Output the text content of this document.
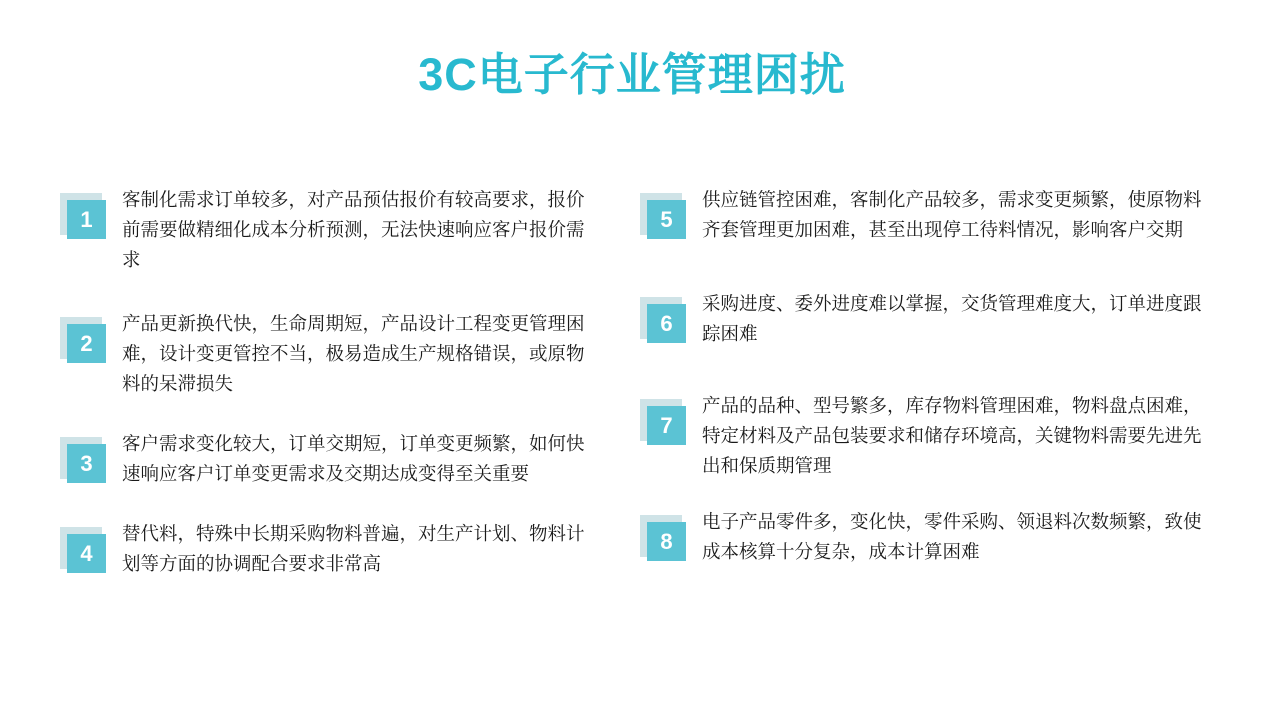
3C电子行业管理困扰
1
客制化需求订单较多，对产品预估报价有较高要求，报价前需要做精细化成本分析预测，无法快速响应客户报价需求
2
产品更新换代快，生命周期短，产品设计工程变更管理困难，设计变更管控不当，极易造成生产规格错误，或原物料的呆滞损失
3
客户需求变化较大，订单交期短，订单变更频繁，如何快速响应客户订单变更需求及交期达成变得至关重要
4
替代料，特殊中长期采购物料普遍，对生产计划、物料计划等方面的协调配合要求非常高
5
供应链管控困难，客制化产品较多，需求变更频繁，使原物料齐套管理更加困难，甚至出现停工待料情况，影响客户交期
6
采购进度、委外进度难以掌握，交货管理难度大，订单进度跟踪困难
7
产品的品种、型号繁多，库存物料管理困难，物料盘点困难，特定材料及产品包装要求和储存环境高，关键物料需要先进先出和保质期管理
8
电子产品零件多，变化快，零件采购、领退料次数频繁，致使成本核算十分复杂，成本计算困难
